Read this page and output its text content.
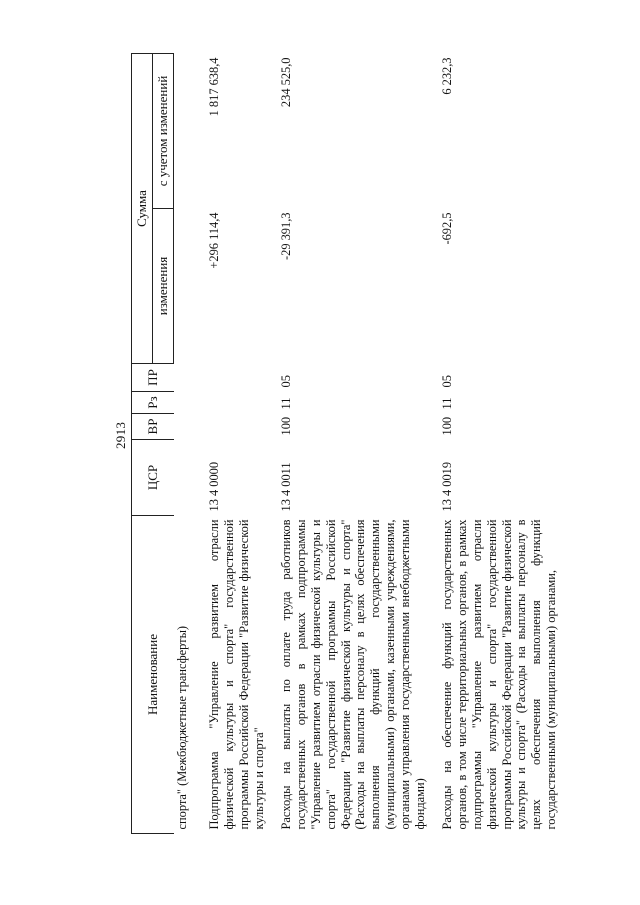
2913
Наименование	ЦСР	ВР	Рз	ПР	Сумма	
					изменения	с учетом изменений
спорта" (Межбюджетные трансферты)						
Подпрограмма "Управление развитием отрасли физической культуры и спорта" государственной программы Российской Федерации "Развитие физической культуры и спорта"	13 4 0000				+296 114,4	1 817 638,4
Расходы на выплаты по оплате труда работников государственных органов в рамках подпрограммы "Управление развитием отрасли физической культуры и спорта" государственной программы Российской Федерации "Развитие физической культуры и спорта" (Расходы на выплаты персоналу в целях обеспечения выполнения функций государственными (муниципальными) органами, казенными учреждениями, органами управления государственными внебюджетными фондами)	13 4 0011	100	11	05	-29 391,3	234 525,0
Расходы на обеспечение функций государственных органов, в том числе территориальных органов, в рамках подпрограммы "Управление развитием отрасли физической культуры и спорта" государственной программы Российской Федерации "Развитие физической культуры и спорта" (Расходы на выплаты персоналу в целях обеспечения выполнения функций государственными (муниципальными) органами,	13 4 0019	100	11	05	-692,5	6 232,3
